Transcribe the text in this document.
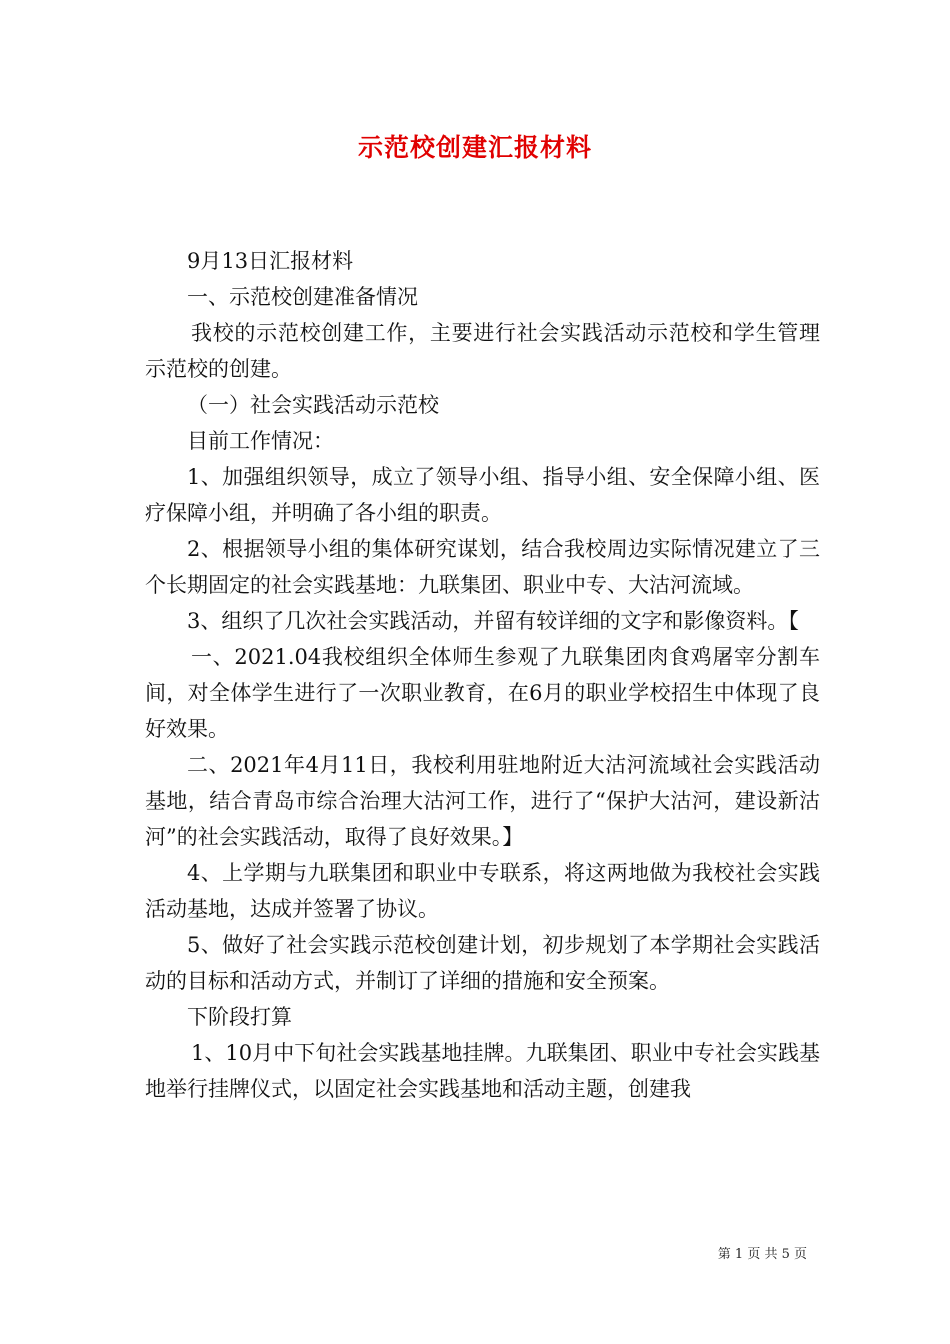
示范校创建汇报材料

9月13日汇报材料

一、示范校创建准备情况

我校的示范校创建工作，主要进行社会实践活动示范校和学生管理示范校的创建。

（一）社会实践活动示范校

目前工作情况：

1、加强组织领导，成立了领导小组、指导小组、安全保障小组、医疗保障小组，并明确了各小组的职责。

2、根据领导小组的集体研究谋划，结合我校周边实际情况建立了三个长期固定的社会实践基地：九联集团、职业中专、大沽河流域。

3、组织了几次社会实践活动，并留有较详细的文字和影像资料。【

一、2021.04我校组织全体师生参观了九联集团肉食鸡屠宰分割车间，对全体学生进行了一次职业教育，在6月的职业学校招生中体现了良好效果。

二、2021年4月11日，我校利用驻地附近大沽河流域社会实践活动基地，结合青岛市综合治理大沽河工作，进行了“保护大沽河，建设新沽河”的社会实践活动，取得了良好效果。】

4、上学期与九联集团和职业中专联系，将这两地做为我校社会实践活动基地，达成并签署了协议。

5、做好了社会实践示范校创建计划，初步规划了本学期社会实践活动的目标和活动方式，并制订了详细的措施和安全预案。

下阶段打算

1、10月中下旬社会实践基地挂牌。九联集团、职业中专社会实践基地举行挂牌仪式，以固定社会实践基地和活动主题，创建我

第 1 页 共 5 页
